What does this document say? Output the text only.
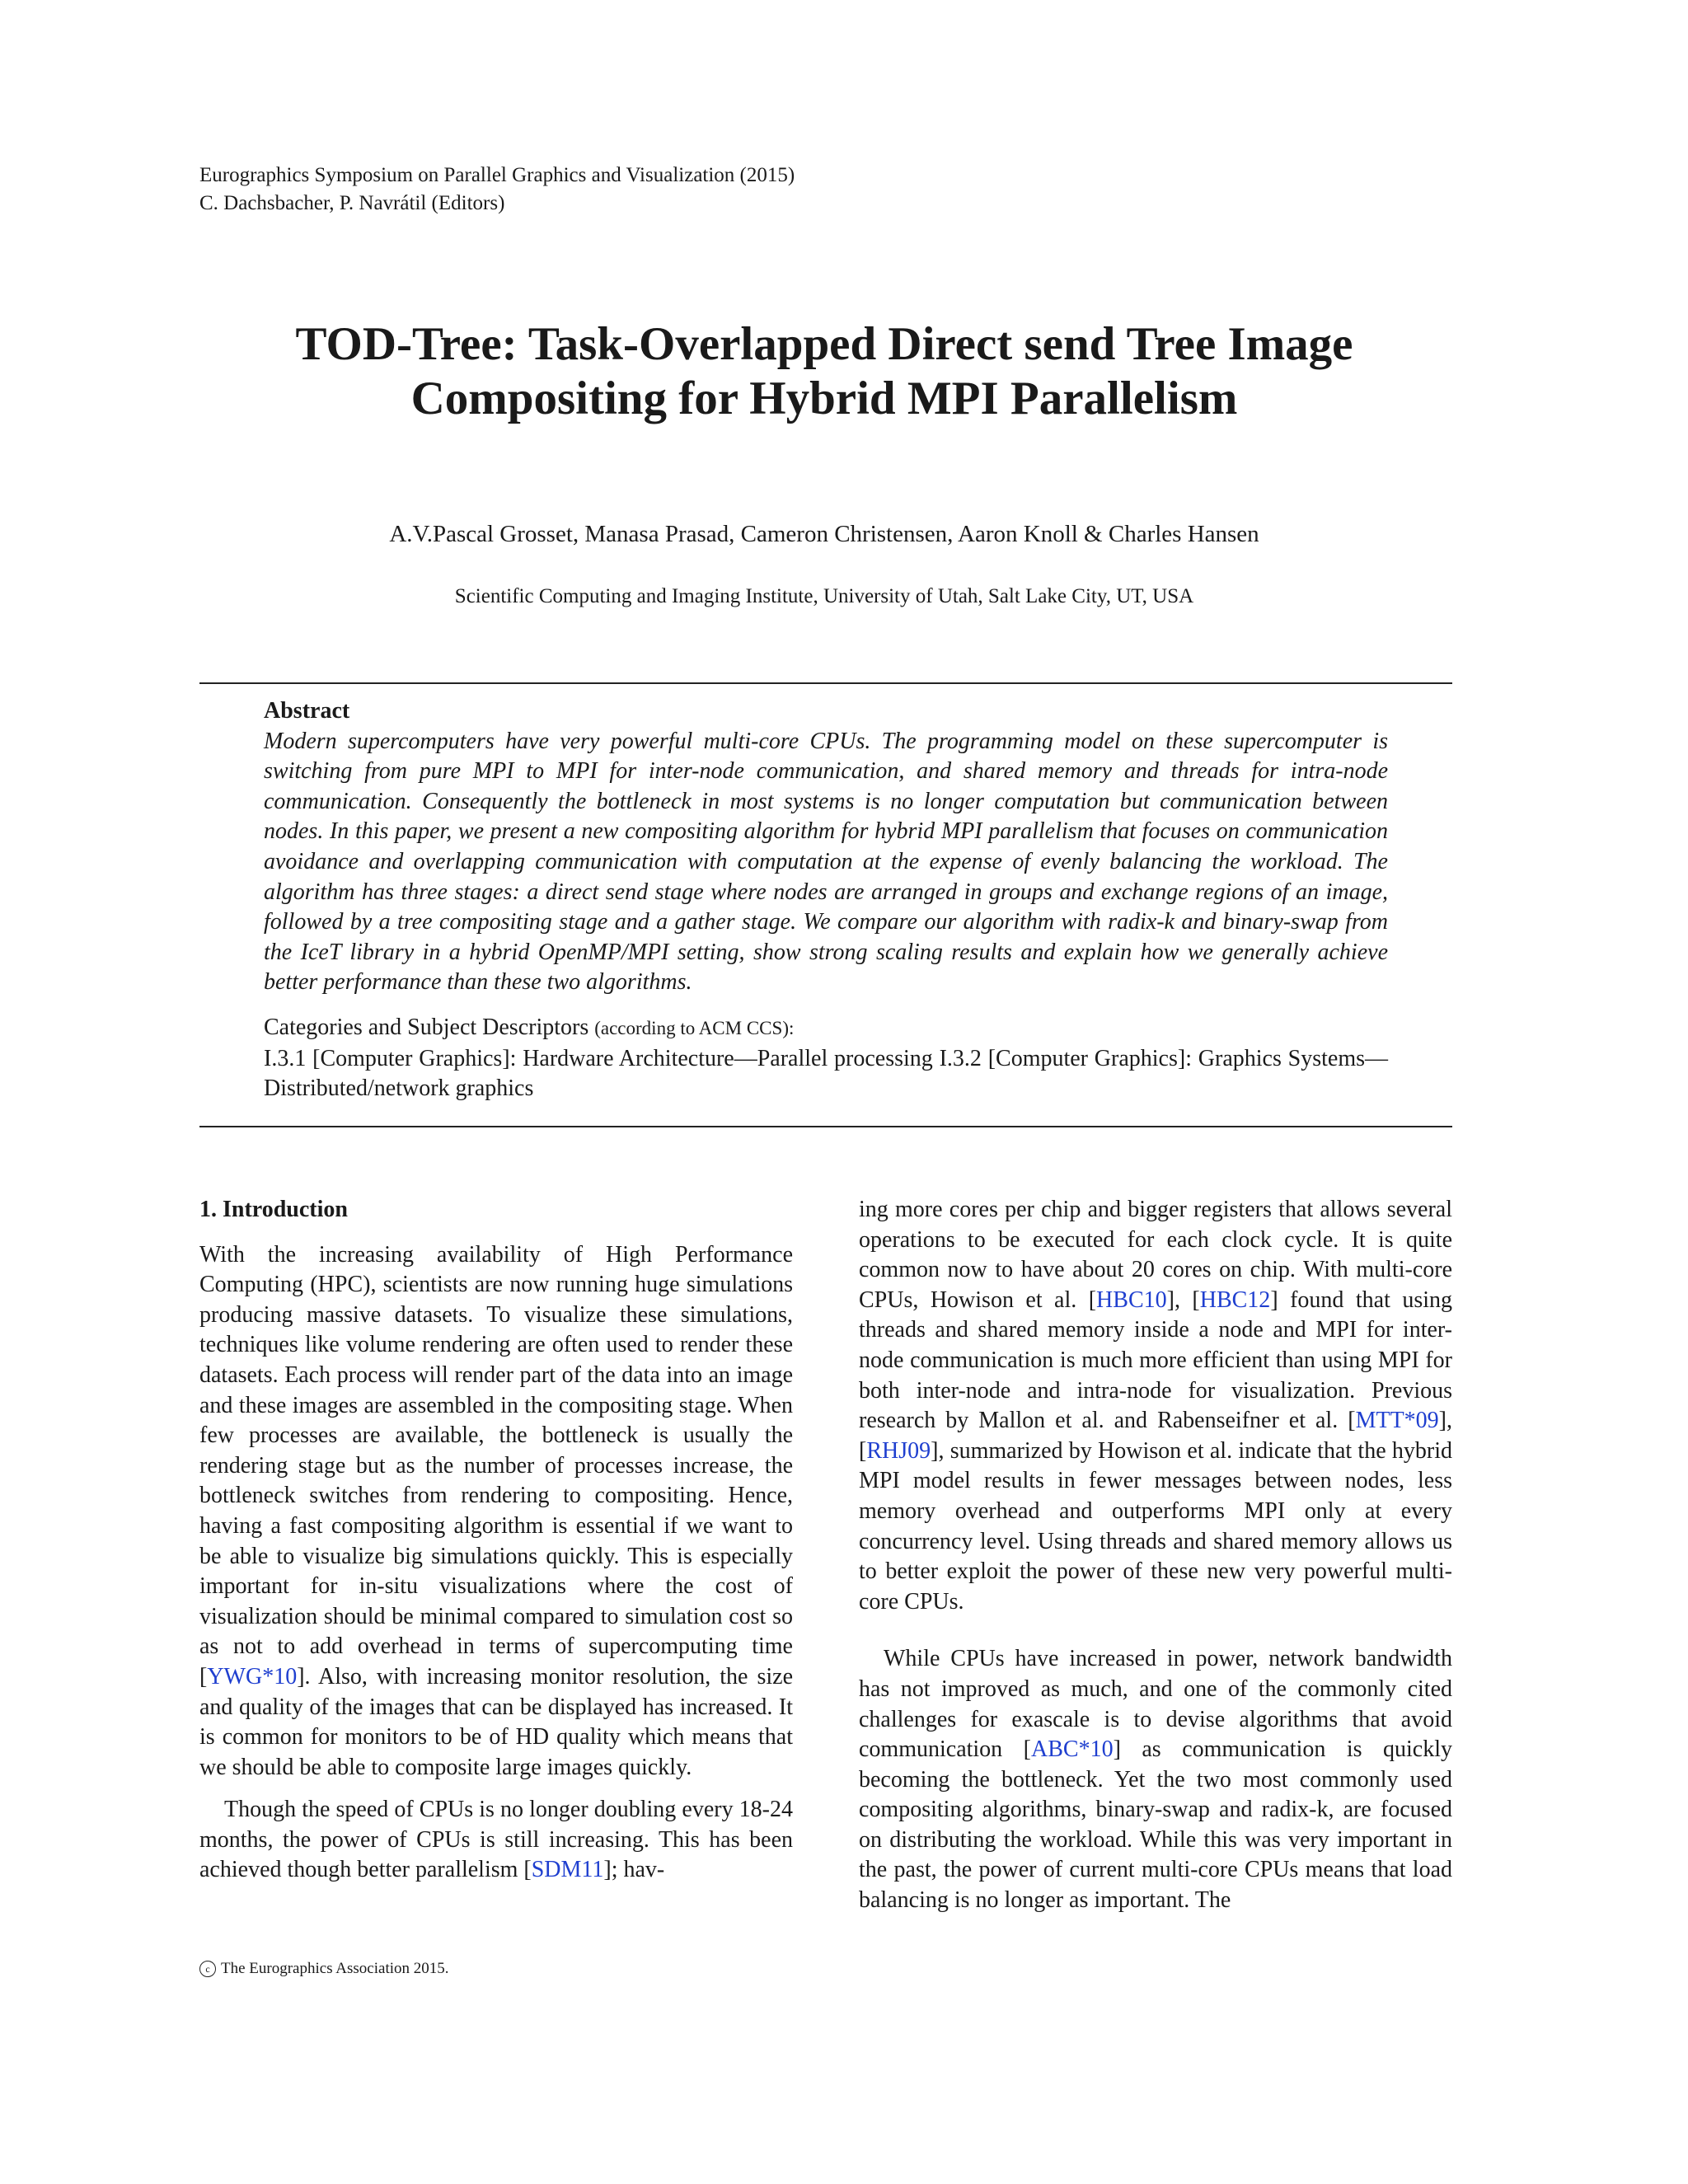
Eurographics Symposium on Parallel Graphics and Visualization (2015)
C. Dachsbacher, P. Navrátil (Editors)
TOD-Tree: Task-Overlapped Direct send Tree Image
Compositing for Hybrid MPI Parallelism
A.V.Pascal Grosset, Manasa Prasad, Cameron Christensen, Aaron Knoll & Charles Hansen
Scientific Computing and Imaging Institute, University of Utah, Salt Lake City, UT, USA
Abstract
Modern supercomputers have very powerful multi-core CPUs. The programming model on these supercomputer is switching from pure MPI to MPI for inter-node communication, and shared memory and threads for intra-node communication. Consequently the bottleneck in most systems is no longer computation but communication between nodes. In this paper, we present a new compositing algorithm for hybrid MPI parallelism that focuses on communication avoidance and overlapping communication with computation at the expense of evenly balancing the workload. The algorithm has three stages: a direct send stage where nodes are arranged in groups and exchange regions of an image, followed by a tree compositing stage and a gather stage. We compare our algorithm with radix-k and binary-swap from the IceT library in a hybrid OpenMP/MPI setting, show strong scaling results and explain how we generally achieve better performance than these two algorithms.
Categories and Subject Descriptors (according to ACM CCS):
I.3.1 [Computer Graphics]: Hardware Architecture—Parallel processing I.3.2 [Computer Graphics]: Graphics Systems—Distributed/network graphics
1. Introduction

With the increasing availability of High Performance Computing (HPC), scientists are now running huge simulations producing massive datasets. To visualize these simulations, techniques like volume rendering are often used to render these datasets. Each process will render part of the data into an image and these images are assembled in the compositing stage. When few processes are available, the bottleneck is usually the rendering stage but as the number of processes increase, the bottleneck switches from rendering to compositing. Hence, having a fast compositing algorithm is essential if we want to be able to visualize big simulations quickly. This is especially important for in-situ visualizations where the cost of visualization should be minimal compared to simulation cost so as not to add overhead in terms of supercomputing time [YWG*10]. Also, with increasing monitor resolution, the size and quality of the images that can be displayed has increased. It is common for monitors to be of HD quality which means that we should be able to composite large images quickly.

Though the speed of CPUs is no longer doubling every 18-24 months, the power of CPUs is still increasing. This has been achieved though better parallelism [SDM11]; hav-

ing more cores per chip and bigger registers that allows several operations to be executed for each clock cycle. It is quite common now to have about 20 cores on chip. With multi-core CPUs, Howison et al. [HBC10], [HBC12] found that using threads and shared memory inside a node and MPI for inter-node communication is much more efficient than using MPI for both inter-node and intra-node for visualization. Previous research by Mallon et al. and Rabenseifner et al. [MTT*09], [RHJ09], summarized by Howison et al. indicate that the hybrid MPI model results in fewer messages between nodes, less memory overhead and outperforms MPI only at every concurrency level. Using threads and shared memory allows us to better exploit the power of these new very powerful multi-core CPUs.

While CPUs have increased in power, network bandwidth has not improved as much, and one of the commonly cited challenges for exascale is to devise algorithms that avoid communication [ABC*10] as communication is quickly becoming the bottleneck. Yet the two most commonly used compositing algorithms, binary-swap and radix-k, are focused on distributing the workload. While this was very important in the past, the power of current multi-core CPUs means that load balancing is no longer as important. The

c The Eurographics Association 2015.
